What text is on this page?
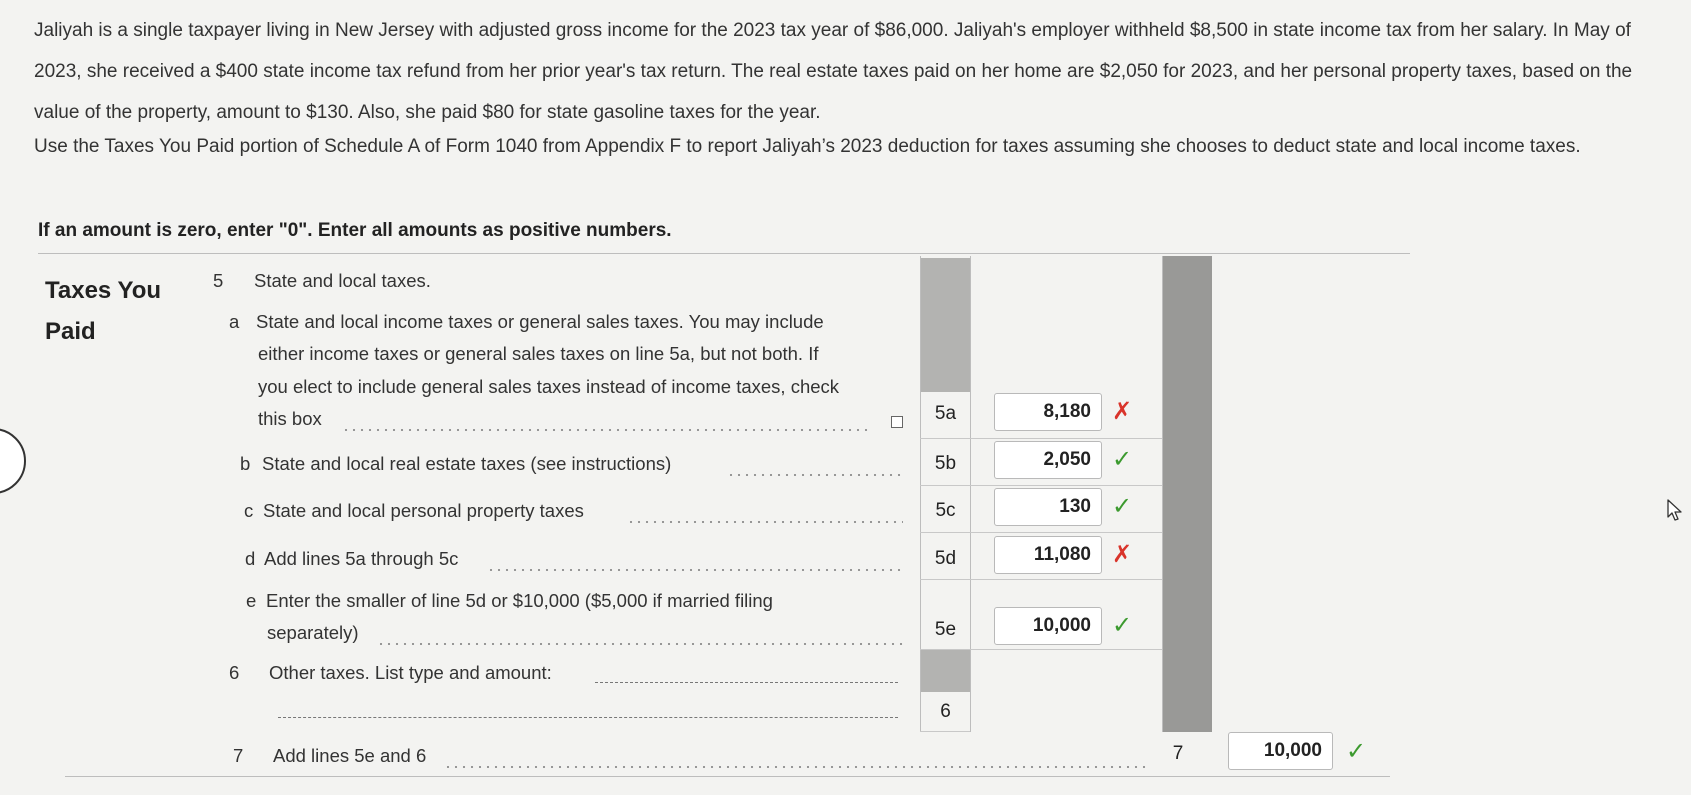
Jaliyah is a single taxpayer living in New Jersey with adjusted gross income for the 2023 tax year of $86,000. Jaliyah's employer withheld $8,500 in state income tax from her salary. In May of 2023, she received a $400 state income tax refund from her prior year's tax return. The real estate taxes paid on her home are $2,050 for 2023, and her personal property taxes, based on the value of the property, amount to $130. Also, she paid $80 for state gasoline taxes for the year.
Use the Taxes You Paid portion of Schedule A of Form 1040 from Appendix F to report Jaliyah’s 2023 deduction for taxes assuming she chooses to deduct state and local income taxes.
If an amount is zero, enter "0". Enter all amounts as positive numbers.
Taxes You
Paid
5 State and local taxes.
a State and local income taxes or general sales taxes. You may include
either income taxes or general sales taxes on line 5a, but not both. If
you elect to include general sales taxes instead of income taxes, check
this box
b State and local real estate taxes (see instructions)
c State and local personal property taxes
d Add lines 5a through 5c
e Enter the smaller of line 5d or $10,000 ($5,000 if married filing
separately)
6 Other taxes. List type and amount:
7 Add lines 5e and 6
5a
5b
5c
5d
5e
6
7
8,180 ✗
2,050 ✓
130 ✓
11,080 ✗
10,000 ✓
10,000	✓
